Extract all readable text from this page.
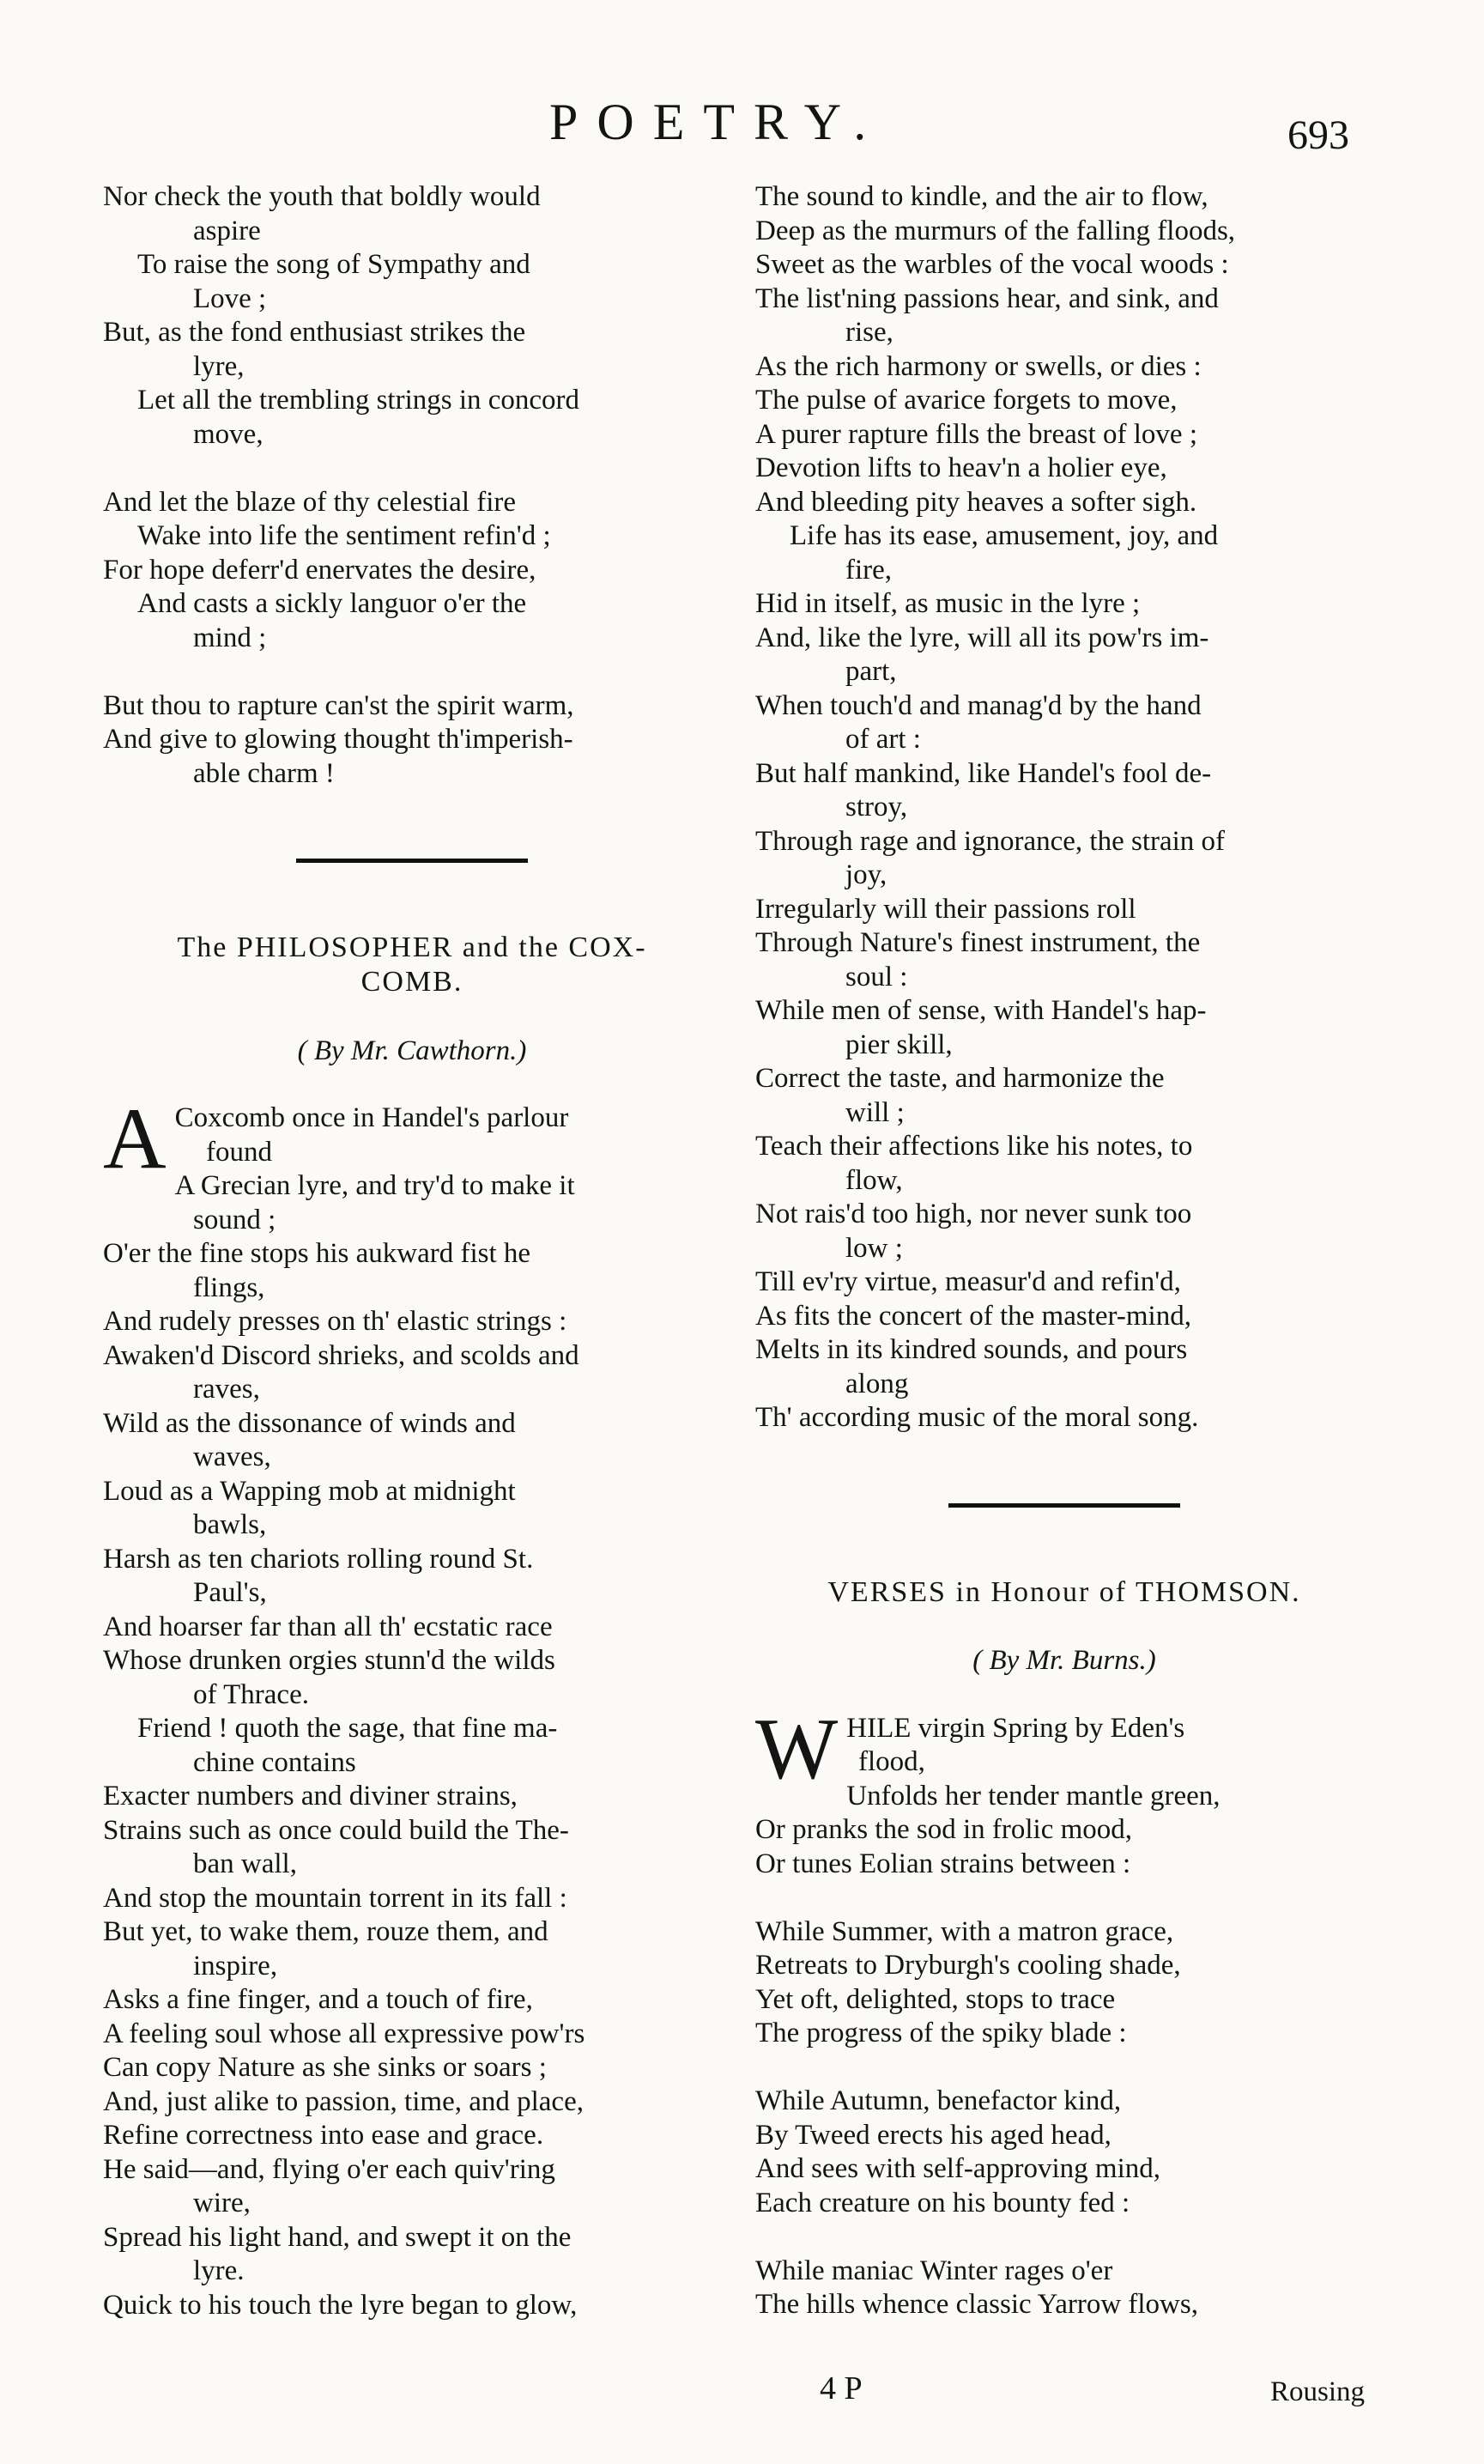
POETRY.	693
Nor check the youth that boldly would
aspire
To raise the song of Sympathy and
Love ;
But, as the fond enthusiast strikes the
lyre,
Let all the trembling strings in concord
move,

And let the blaze of thy celestial fire
Wake into life the sentiment refin'd ;
For hope deferr'd enervates the desire,
And casts a sickly languor o'er the
mind ;

But thou to rapture can'st the spirit warm,
And give to glowing thought th'imperish-
able charm !
The PHILOSOPHER and the COX-
COMB.
( By Mr. Cawthorn.)
A Coxcomb once in Handel's parlour
found
A Grecian lyre, and try'd to make it
sound ;
O'er the fine stops his aukward fist he
flings,
And rudely presses on th' elastic strings :
Awaken'd Discord shrieks, and scolds and
raves,
Wild as the dissonance of winds and
waves,
Loud as a Wapping mob at midnight
bawls,
Harsh as ten chariots rolling round St.
Paul's,
And hoarser far than all th' ecstatic race
Whose drunken orgies stunn'd the wilds
of Thrace.
Friend ! quoth the sage, that fine ma-
chine contains
Exacter numbers and diviner strains,
Strains such as once could build the The-
ban wall,
And stop the mountain torrent in its fall :
But yet, to wake them, rouze them, and
inspire,
Asks a fine finger, and a touch of fire,
A feeling soul whose all expressive pow'rs
Can copy Nature as she sinks or soars ;
And, just alike to passion, time, and place,
Refine correctness into ease and grace.
He said—and, flying o'er each quiv'ring
wire,
Spread his light hand, and swept it on the
lyre.
Quick to his touch the lyre began to glow,
The sound to kindle, and the air to flow,
Deep as the murmurs of the falling floods,
Sweet as the warbles of the vocal woods :
The list'ning passions hear, and sink, and
rise,
As the rich harmony or swells, or dies :
The pulse of avarice forgets to move,
A purer rapture fills the breast of love ;
Devotion lifts to heav'n a holier eye,
And bleeding pity heaves a softer sigh.
Life has its ease, amusement, joy, and
fire,
Hid in itself, as music in the lyre ;
And, like the lyre, will all its pow'rs im-
part,
When touch'd and manag'd by the hand
of art :
But half mankind, like Handel's fool de-
stroy,
Through rage and ignorance, the strain of
joy,
Irregularly will their passions roll
Through Nature's finest instrument, the
soul :
While men of sense, with Handel's hap-
pier skill,
Correct the taste, and harmonize the
will ;
Teach their affections like his notes, to
flow,
Not rais'd too high, nor never sunk too
low ;
Till ev'ry virtue, measur'd and refin'd,
As fits the concert of the master-mind,
Melts in its kindred sounds, and pours
along
Th' according music of the moral song.
VERSES in Honour of THOMSON.
( By Mr. Burns.)
W HILE virgin Spring by Eden's
flood,
Unfolds her tender mantle green,
Or pranks the sod in frolic mood,
Or tunes Eolian strains between :
While Summer, with a matron grace,
Retreats to Dryburgh's cooling shade,
Yet oft, delighted, stops to trace
The progress of the spiky blade :
While Autumn, benefactor kind,
By Tweed erects his aged head,
And sees with self-approving mind,
Each creature on his bounty fed :
While maniac Winter rages o'er
The hills whence classic Yarrow flows,
4 P	Rousing
